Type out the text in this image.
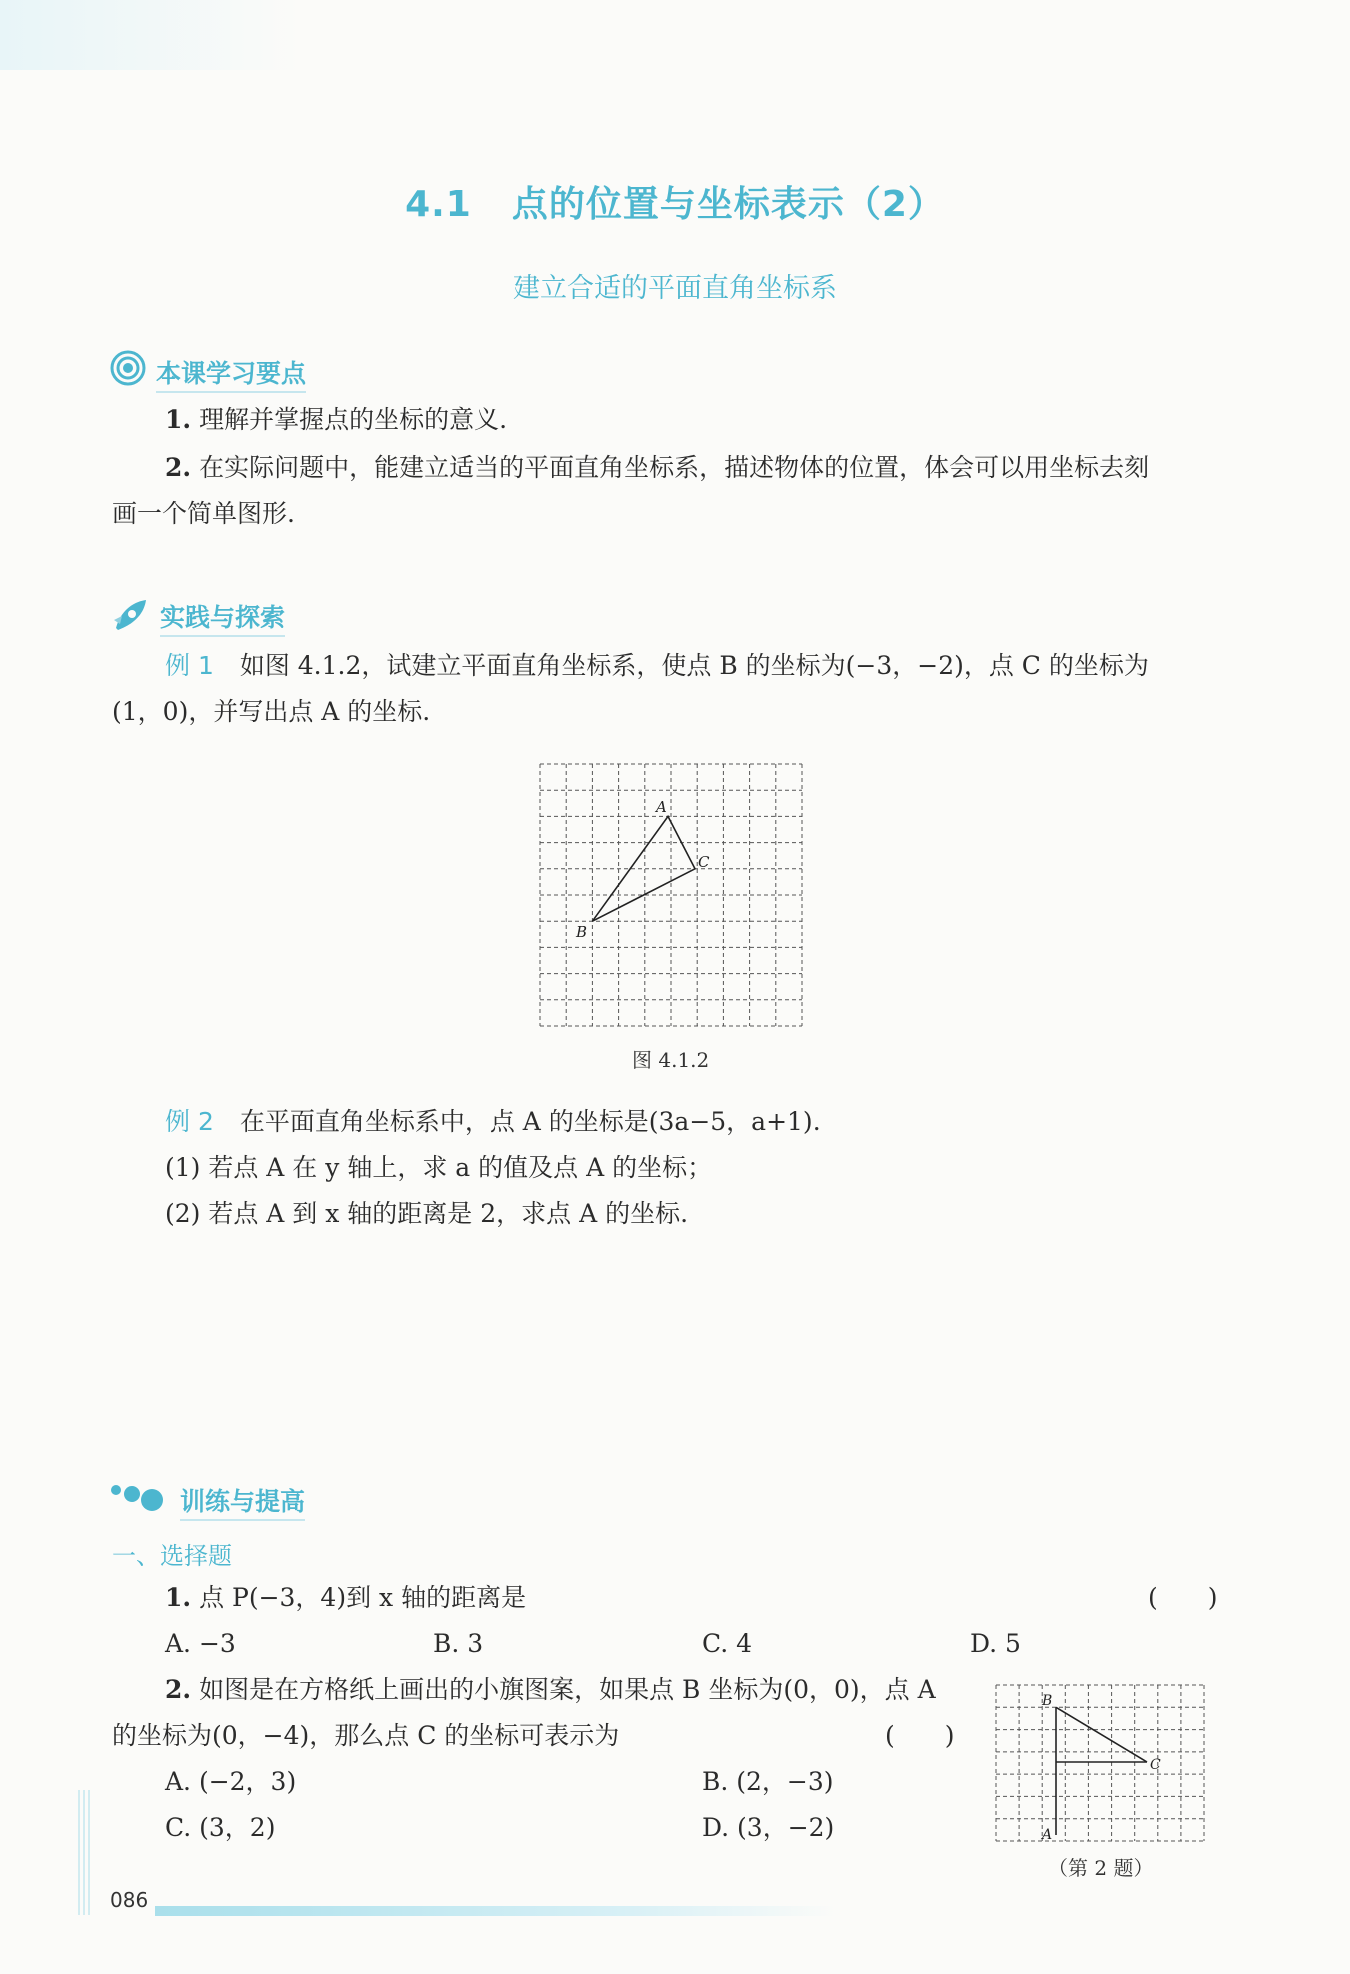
4.1 点的位置与坐标表示（2）
建立合适的平面直角坐标系
本课学习要点
1. 理解并掌握点的坐标的意义.
2. 在实际问题中，能建立适当的平面直角坐标系，描述物体的位置，体会可以用坐标去刻
画一个简单图形.
实践与探索
例 1 如图 4.1.2，试建立平面直角坐标系，使点 B 的坐标为(−3，−2)，点 C 的坐标为
(1，0)，并写出点 A 的坐标.
A
C
B
图 4.1.2
例 2 在平面直角坐标系中，点 A 的坐标是(3a−5，a+1).
(1) 若点 A 在 y 轴上，求 a 的值及点 A 的坐标；
(2) 若点 A 到 x 轴的距离是 2，求点 A 的坐标.
训练与提高
一、选择题
1. 点 P(−3，4)到 x 轴的距离是	(　　)
A. −3	B. 3	C. 4	D. 5
2. 如图是在方格纸上画出的小旗图案，如果点 B 坐标为(0，0)，点 A
的坐标为(0，−4)，那么点 C 的坐标可表示为	(　　)
A. (−2，3)	B. (2，−3)
C. (3，2)	D. (3，−2)
B
C
A
（第 2 题）
086
